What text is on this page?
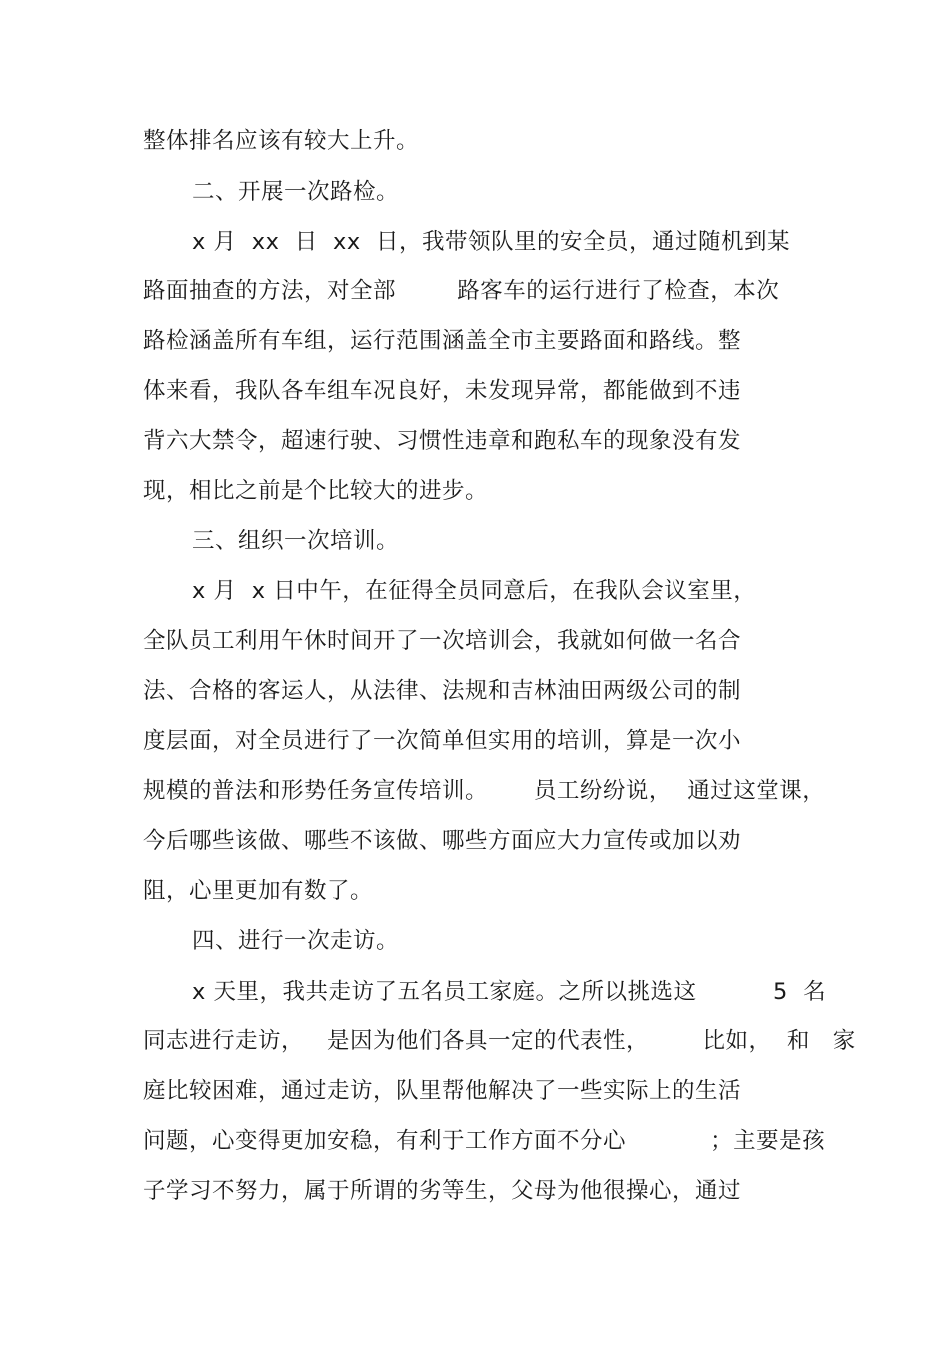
整体排名应该有较大上升。
二、开展一次路检。
x 月  xx  日  xx  日，我带领队里的安全员，通过随机到某
路面抽查的方法，对全部        路客车的运行进行了检查，本次
路检涵盖所有车组，运行范围涵盖全市主要路面和路线。整
体来看，我队各车组车况良好，未发现异常，都能做到不违
背六大禁令，超速行驶、习惯性违章和跑私车的现象没有发
现，相比之前是个比较大的进步。
三、组织一次培训。
x 月  x 日中午，在征得全员同意后，在我队会议室里，
全队员工利用午休时间开了一次培训会，我就如何做一名合
法、合格的客运人，从法律、法规和吉林油田两级公司的制
度层面，对全员进行了一次简单但实用的培训，算是一次小
规模的普法和形势任务宣传培训。      员工纷纷说，  通过这堂课，
今后哪些该做、哪些不该做、哪些方面应大力宣传或加以劝
阻，心里更加有数了。
四、进行一次走访。
x 天里，我共走访了五名员工家庭。之所以挑选这          5  名
同志进行走访，   是因为他们各具一定的代表性，       比如，  和   家
庭比较困难，通过走访，队里帮他解决了一些实际上的生活
问题，心变得更加安稳，有利于工作方面不分心           ；主要是孩
子学习不努力，属于所谓的劣等生，父母为他很操心，通过
